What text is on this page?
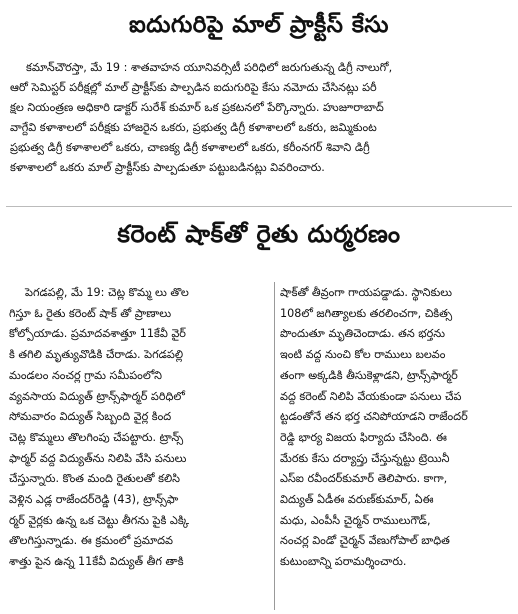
ఐదుగురిపై మాల్ ప్రాక్టీస్ కేసు
కమాన్‌చౌరస్తా, మే 19 : శాతవాహన యూనివర్సిటీ పరిధిలో జరుగుతున్న డిగ్రీ నాలుగో,
ఆరో సెమిస్టర్ పరీక్షల్లో మాల్ ప్రాక్టీస్‌కు పాల్పడిన ఐదుగురిపై కేసు నమోదు చేసినట్లు పరీ
క్షల నియంత్రణ అధికారి డాక్టర్ సురేశ్ కుమార్ ఒక ప్రకటనలో పేర్కొన్నారు. హుజూరాబాద్
వాగ్దేవి కళాశాలలో పరీక్షకు హాజరైన ఒకరు, ప్రభుత్వ డిగ్రీ కళాశాలలో ఒకరు, జమ్మికుంట
ప్రభుత్వ డిగ్రీ కళాశాలలో ఒకరు, చాణక్య డిగ్రీ కళాశాలలో ఒకరు, కరీంనగర్ శివాని డిగ్రీ
కళాశాలలో ఒకరు మాల్ ప్రాక్టీస్‌కు పాల్పడుతూ పట్టుబడినట్లు వివరించారు.
కరెంట్ షాక్‌తో రైతు దుర్మరణం
పెగడపల్లి, మే 19: చెట్ల కొమ్మ లు తొల
గిస్తూ ఓ రైతు కరెంట్ షాక్ తో ప్రాణాలు
కోల్పోయాడు. ప్రమాదవశాత్తూ 11కేవీ వైర్
కి తగిలి మృత్యువొడికి చేరాడు. పెగడపల్లి
మండలం నంచర్ల గ్రామ సమీపంలోని
వ్యవసాయ విద్యుత్ ట్రాన్స్‌ఫార్మర్ పరిధిలో
సోమవారం విద్యుత్ సిబ్బంది వైర్ల కింద
చెట్ల కొమ్మలు తొలగింపు చేపట్టారు. ట్రాన్స్
ఫార్మర్ వద్ద విద్యుత్‌ను నిలిపి వేసి పనులు
చేస్తున్నారు. కొంత మంది రైతులతో కలిసి
వెళ్లిన ఎడ్ల రాజేందర్‌రెడ్డి (43), ట్రాన్స్‌ఫా
ర్మర్ వైర్లకు ఉన్న ఒక చెట్టు తీగను పైకి ఎక్కి
తొలగిస్తున్నాడు. ఈ క్రమంలో ప్రమాదవ
శాత్తు పైన ఉన్న 11కేవీ విద్యుత్ తీగ తాకి
షాక్‌తో తీవ్రంగా గాయపడ్డాడు. స్థానికులు
108లో జగిత్యాలకు తరలించగా, చికిత్స
పొందుతూ మృతిచెందాడు. తన భర్తను
ఇంటి వద్ద నుంచి కోల రాములు బలవం
తంగా అక్కడికి తీసుకెళ్లాడని, ట్రాన్స్‌ఫార్మర్
వద్ద కరెంట్ నిలిపి వేయకుండా పనులు చేప
ట్టడంతోనే తన భర్త చనిపోయాడని రాజేందర్
రెడ్డి భార్య విజయ ఫిర్యాదు చేసింది. ఈ
మేరకు కేసు దర్యాప్తు చేస్తున్నట్టు ట్రెయినీ
ఎస్‌ఐ రవీందర్‌కుమార్ తెలిపారు. కాగా,
విద్యుత్ ఏడీఈ వరుణ్‌కుమార్, ఏఈ
మధు, ఎంపీసీ చైర్మన్ రాములుగౌడ్,
నంచర్ల విండో చైర్మన్ వేణుగోపాల్ బాధిత
కుటుంబాన్ని పరామర్శించారు.
